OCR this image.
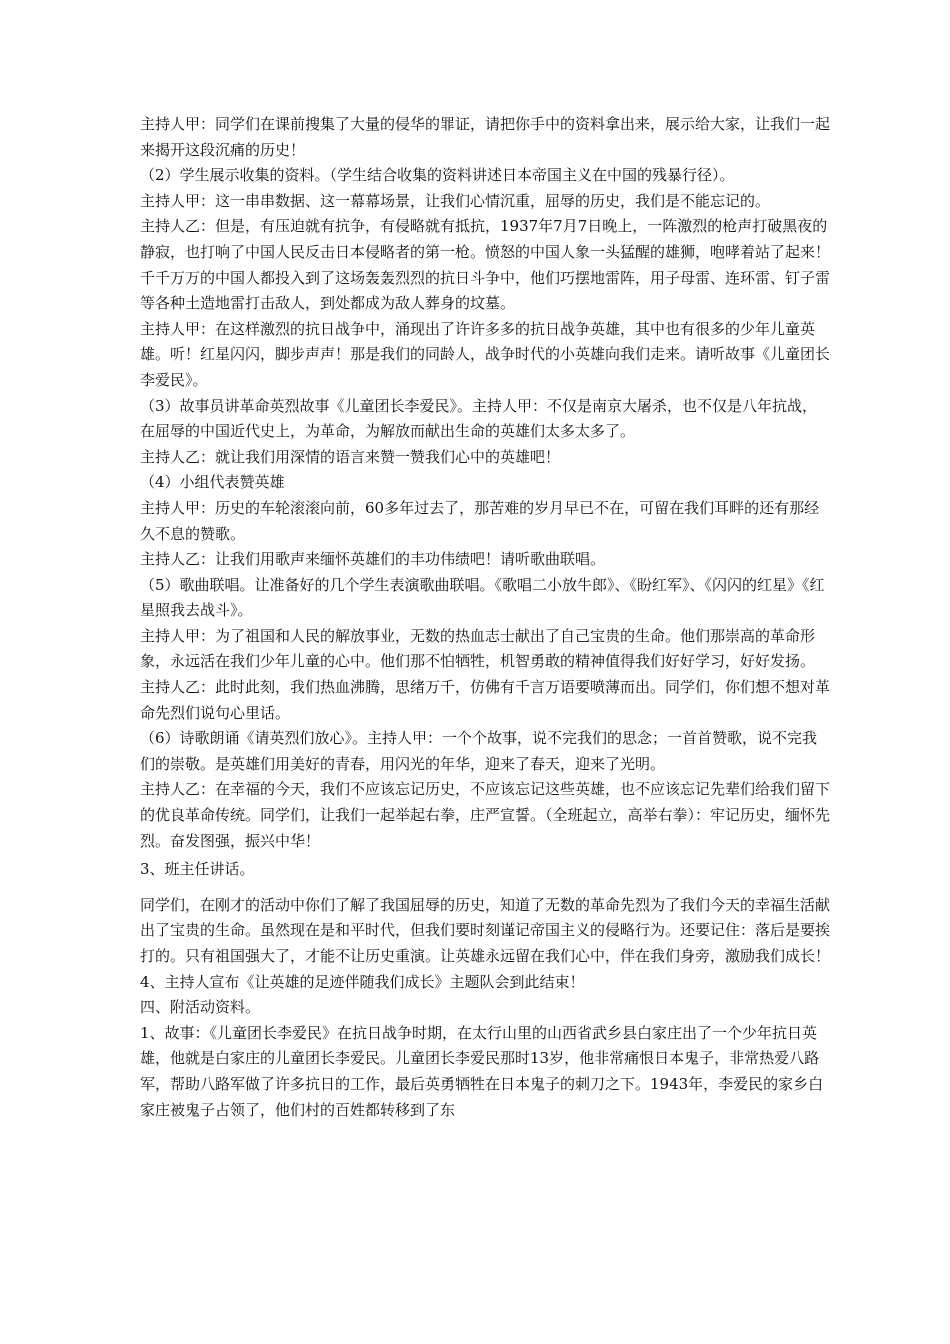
主持人甲：同学们在课前搜集了大量的侵华的罪证，请把你手中的资料拿出来，展示给大家，让我们一起来揭开这段沉痛的历史！

（2）学生展示收集的资料。（学生结合收集的资料讲述日本帝国主义在中国的残暴行径）。

主持人甲：这一串串数据、这一幕幕场景，让我们心情沉重，屈辱的历史，我们是不能忘记的。

主持人乙：但是，有压迫就有抗争，有侵略就有抵抗，1937年7月7日晚上，一阵激烈的枪声打破黑夜的静寂，也打响了中国人民反击日本侵略者的第一枪。愤怒的中国人象一头猛醒的雄狮，咆哮着站了起来！千千万万的中国人都投入到了这场轰轰烈烈的抗日斗争中，他们巧摆地雷阵，用子母雷、连环雷、钉子雷等各种土造地雷打击敌人，到处都成为敌人葬身的坟墓。

主持人甲：在这样激烈的抗日战争中，涌现出了许许多多的抗日战争英雄，其中也有很多的少年儿童英雄。听！红星闪闪，脚步声声！那是我们的同龄人，战争时代的小英雄向我们走来。请听故事《儿童团长李爱民》。

（3）故事员讲革命英烈故事《儿童团长李爱民》。主持人甲：不仅是南京大屠杀，也不仅是八年抗战，在屈辱的中国近代史上，为革命，为解放而献出生命的英雄们太多太多了。

主持人乙：就让我们用深情的语言来赞一赞我们心中的英雄吧！

（4）小组代表赞英雄

主持人甲：历史的车轮滚滚向前，60多年过去了，那苦难的岁月早已不在，可留在我们耳畔的还有那经久不息的赞歌。

主持人乙：让我们用歌声来缅怀英雄们的丰功伟绩吧！请听歌曲联唱。

（5）歌曲联唱。让准备好的几个学生表演歌曲联唱。《歌唱二小放牛郎》、《盼红军》、《闪闪的红星》《红星照我去战斗》。

主持人甲：为了祖国和人民的解放事业，无数的热血志士献出了自己宝贵的生命。他们那崇高的革命形象，永远活在我们少年儿童的心中。他们那不怕牺牲，机智勇敢的精神值得我们好好学习，好好发扬。

主持人乙：此时此刻，我们热血沸腾，思绪万千，仿佛有千言万语要喷薄而出。同学们，你们想不想对革命先烈们说句心里话。

（6）诗歌朗诵《请英烈们放心》。主持人甲：一个个故事，说不完我们的思念；一首首赞歌，说不完我们的崇敬。是英雄们用美好的青春，用闪光的年华，迎来了春天，迎来了光明。

主持人乙：在幸福的今天，我们不应该忘记历史，不应该忘记这些英雄，也不应该忘记先辈们给我们留下的优良革命传统。同学们，让我们一起举起右拳，庄严宣誓。（全班起立，高举右拳）：牢记历史，缅怀先烈。奋发图强，振兴中华！

3、班主任讲话。

同学们，在刚才的活动中你们了解了我国屈辱的历史，知道了无数的革命先烈为了我们今天的幸福生活献出了宝贵的生命。虽然现在是和平时代，但我们要时刻谨记帝国主义的侵略行为。还要记住：落后是要挨打的。只有祖国强大了，才能不让历史重演。让英雄永远留在我们心中，伴在我们身旁，激励我们成长！

4、主持人宣布《让英雄的足迹伴随我们成长》主题队会到此结束！

四、附活动资料。

1、故事：《儿童团长李爱民》在抗日战争时期，在太行山里的山西省武乡县白家庄出了一个少年抗日英雄，他就是白家庄的儿童团长李爱民。儿童团长李爱民那时13岁，他非常痛恨日本鬼子，非常热爱八路军，帮助八路军做了许多抗日的工作，最后英勇牺牲在日本鬼子的刺刀之下。1943年，李爱民的家乡白家庄被鬼子占领了，他们村的百姓都转移到了东
